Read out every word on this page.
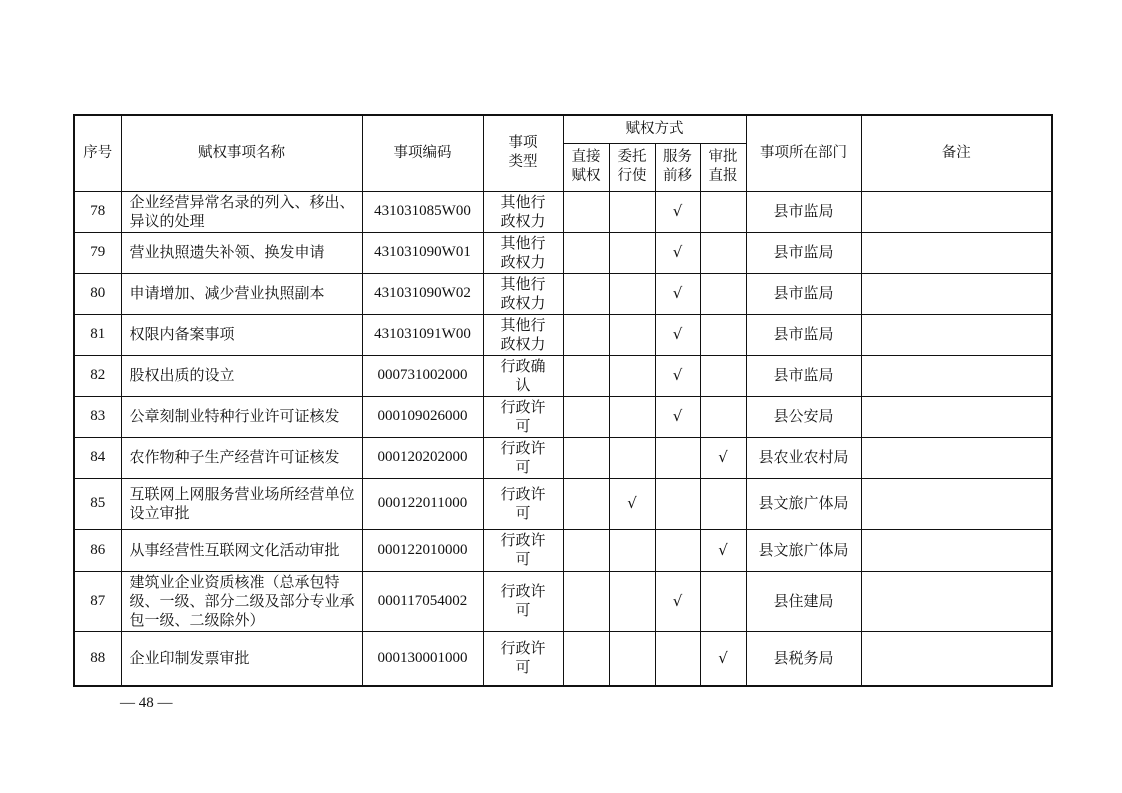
序号	赋权事项名称	事项编码	事项类型	赋权方式				事项所在部门	备注
				直接赋权	委托行使	服务前移	审批直报		
78	企业经营异常名录的列入、移出、异议的处理	431031085W00	其他行政权力			√		县市监局	
79	营业执照遗失补领、换发申请	431031090W01	其他行政权力			√		县市监局	
80	申请增加、减少营业执照副本	431031090W02	其他行政权力			√		县市监局	
81	权限内备案事项	431031091W00	其他行政权力			√		县市监局	
82	股权出质的设立	000731002000	行政确认			√		县市监局	
83	公章刻制业特种行业许可证核发	000109026000	行政许可			√		县公安局	
84	农作物种子生产经营许可证核发	000120202000	行政许可				√	县农业农村局	
85	互联网上网服务营业场所经营单位设立审批	000122011000	行政许可		√			县文旅广体局	
86	从事经营性互联网文化活动审批	000122010000	行政许可				√	县文旅广体局	
87	建筑业企业资质核准（总承包特级、一级、部分二级及部分专业承包一级、二级除外）	000117054002	行政许可			√		县住建局	
88	企业印制发票审批	000130001000	行政许可				√	县税务局	
— 48 —
